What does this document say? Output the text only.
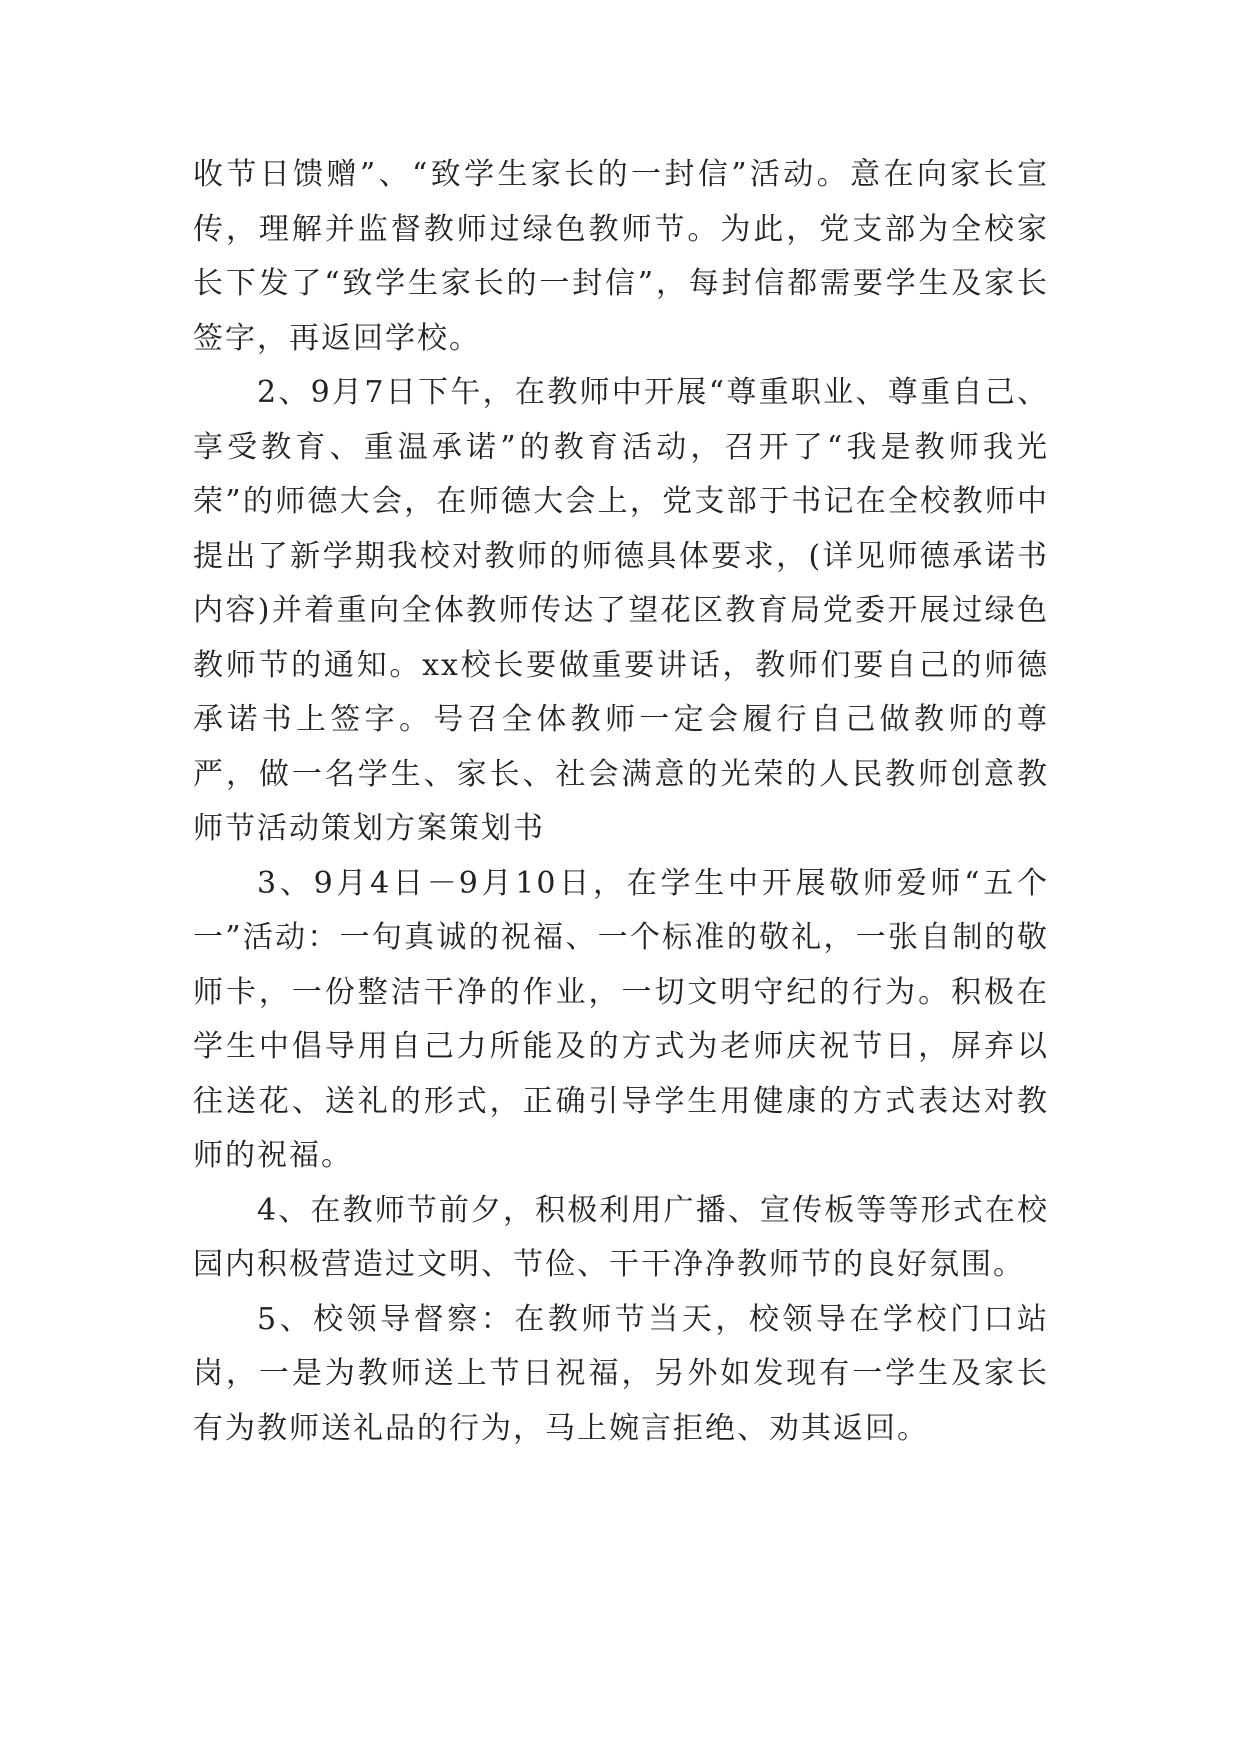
收节日馈赠”、“致学生家长的一封信”活动。意在向家长宣传，理解并监督教师过绿色教师节。为此，党支部为全校家长下发了“致学生家长的一封信”，每封信都需要学生及家长签字，再返回学校。

2、9月7日下午，在教师中开展“尊重职业、尊重自己、享受教育、重温承诺”的教育活动，召开了“我是教师我光荣”的师德大会，在师德大会上，党支部于书记在全校教师中提出了新学期我校对教师的师德具体要求，(详见师德承诺书内容)并着重向全体教师传达了望花区教育局党委开展过绿色教师节的通知。xx校长要做重要讲话，教师们要自己的师德承诺书上签字。号召全体教师一定会履行自己做教师的尊严，做一名学生、家长、社会满意的光荣的人民教师创意教师节活动策划方案策划书

3、9月4日－9月10日，在学生中开展敬师爱师“五个一”活动：一句真诚的祝福、一个标准的敬礼，一张自制的敬师卡，一份整洁干净的作业，一切文明守纪的行为。积极在学生中倡导用自己力所能及的方式为老师庆祝节日，屏弃以往送花、送礼的形式，正确引导学生用健康的方式表达对教师的祝福。

4、在教师节前夕，积极利用广播、宣传板等等形式在校园内积极营造过文明、节俭、干干净净教师节的良好氛围。

5、校领导督察：在教师节当天，校领导在学校门口站岗，一是为教师送上节日祝福，另外如发现有一学生及家长有为教师送礼品的行为，马上婉言拒绝、劝其返回。
